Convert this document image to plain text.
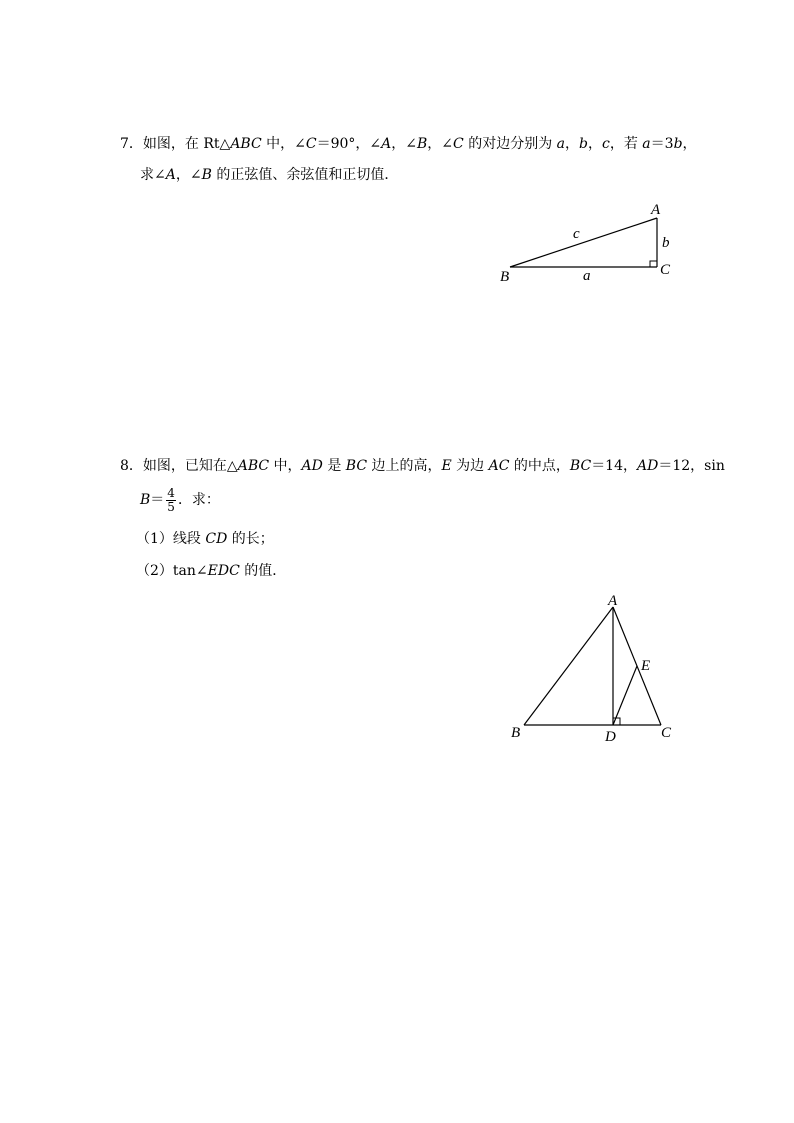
7．如图，在 Rt△ABC 中，∠C＝90°，∠A，∠B，∠C 的对边分别为 a，b，c，若 a＝3b，
求∠A，∠B 的正弦值、余弦值和正切值．
A
B	C
a
b
c
8．如图，已知在△ABC 中，AD 是 BC 边上的高，E 为边 AC 的中点，BC＝14，AD＝12，sin
$B= \frac{4}{5}$ ．求：
（1）线段 CD 的长；
（2）tan∠EDC 的值．
A
B	C
D
E
